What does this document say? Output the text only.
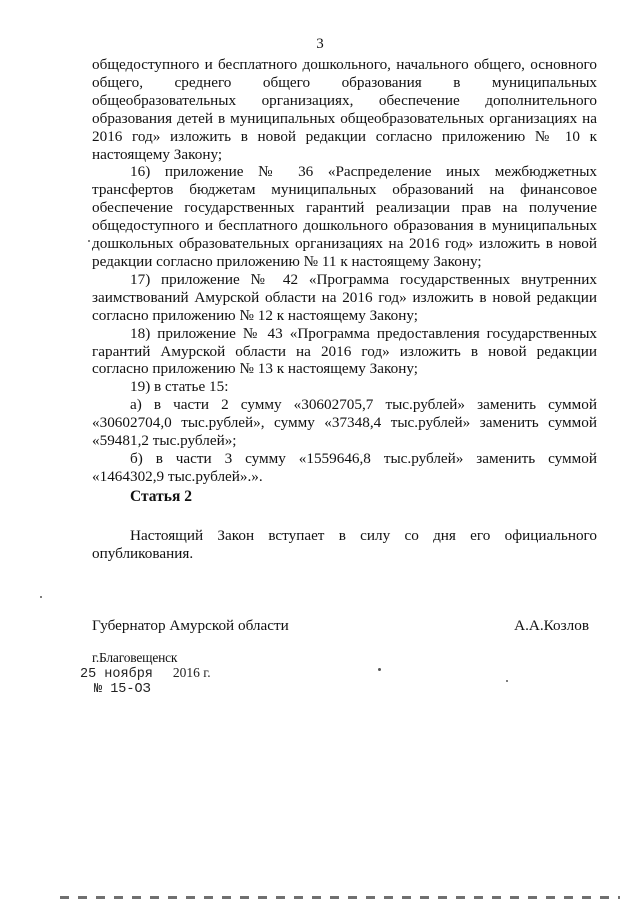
3

общедоступного и бесплатного дошкольного, начального общего, основного общего, среднего общего образования в муниципальных общеобразовательных организациях, обеспечение дополнительного образования детей в муниципальных общеобразовательных организациях на 2016 год» изложить в новой редакции согласно приложению № 10 к настоящему Закону;

16) приложение № 36 «Распределение иных межбюджетных трансфертов бюджетам муниципальных образований на финансовое обеспечение государственных гарантий реализации прав на получение общедоступного и бесплатного дошкольного образования в муниципальных дошкольных образовательных организациях на 2016 год» изложить в новой редакции согласно приложению № 11 к настоящему Закону;

17) приложение № 42 «Программа государственных внутренних заимствований Амурской области на 2016 год» изложить в новой редакции согласно приложению № 12 к настоящему Закону;

18) приложение № 43 «Программа предоставления государственных гарантий Амурской области на 2016 год» изложить в новой редакции согласно приложению № 13 к настоящему Закону;

19) в статье 15:

а) в части 2 сумму «30602705,7 тыс.рублей» заменить суммой «30602704,0 тыс.рублей», сумму «37348,4 тыс.рублей» заменить суммой «59481,2 тыс.рублей»;

б) в части 3 сумму «1559646,8 тыс.рублей» заменить суммой «1464302,9 тыс.рублей».».

Статья 2

Настоящий Закон вступает в силу со дня его официального опубликования.

Губернатор Амурской области	А.А.Козлов
г.Благовещенск
25 ноября 2016 г.
№ 15-ОЗ
